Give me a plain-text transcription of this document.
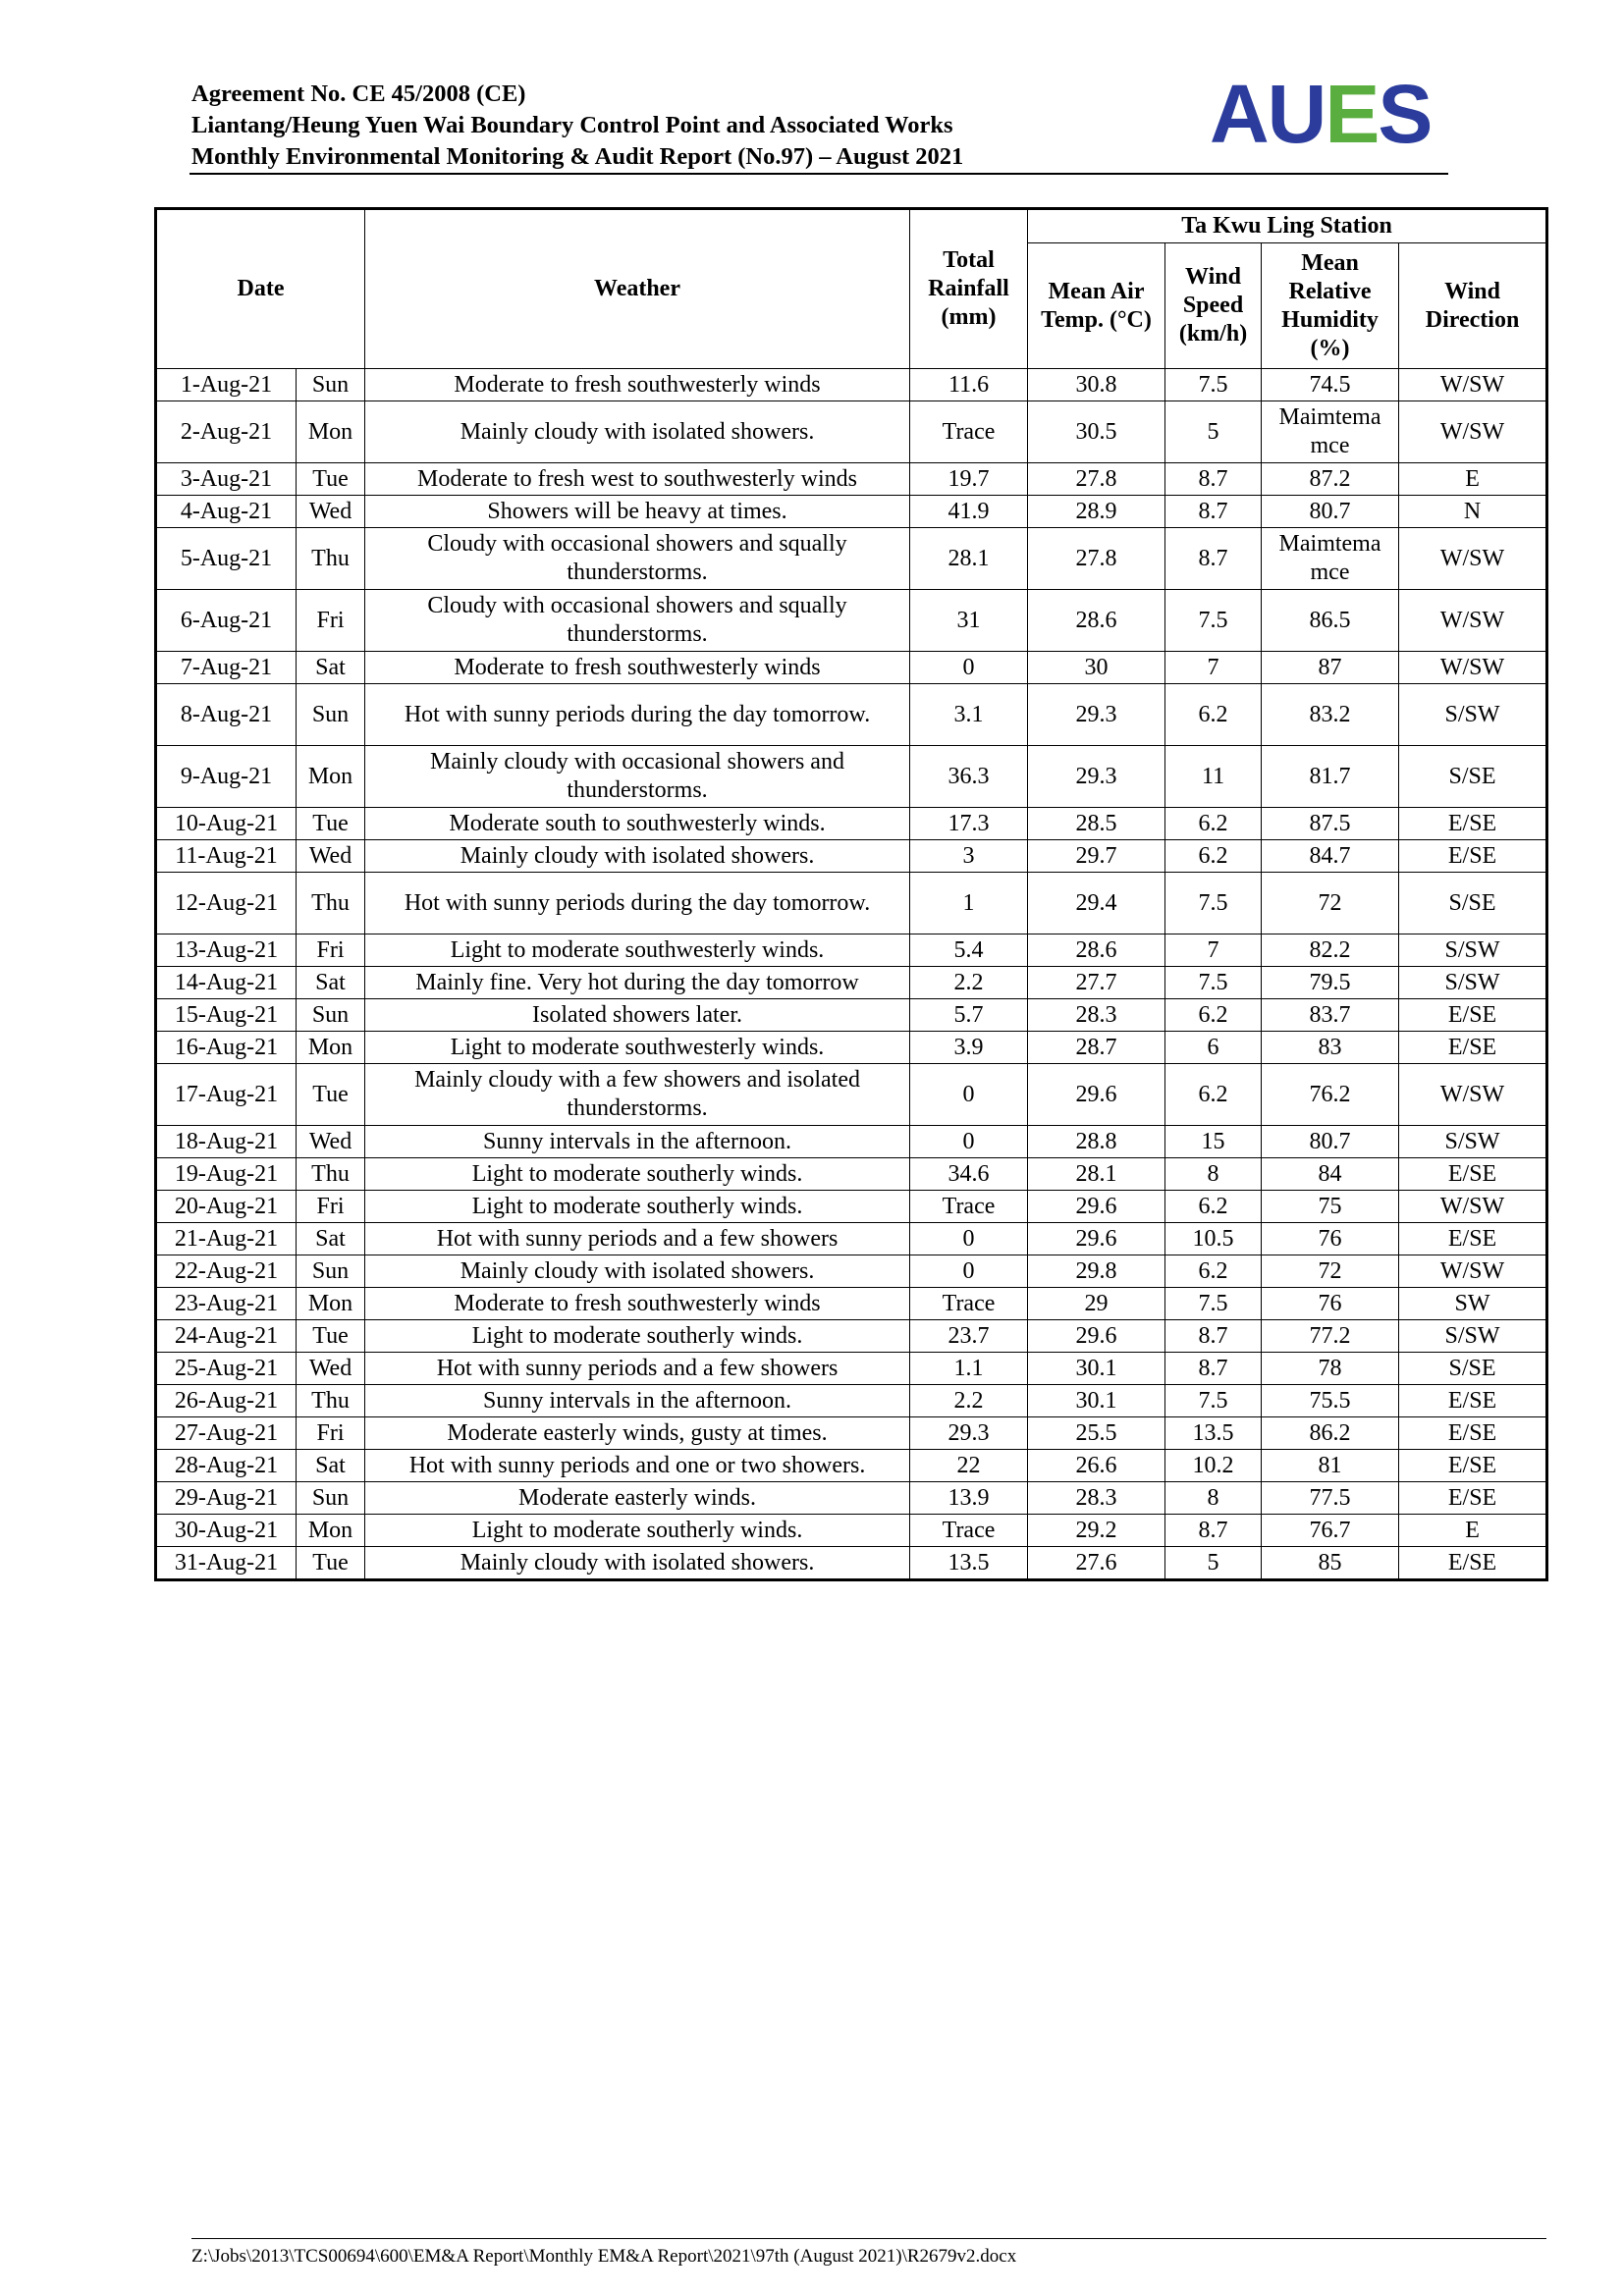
Agreement No. CE 45/2008 (CE)
Liantang/Heung Yuen Wai Boundary Control Point and Associated Works
Monthly Environmental Monitoring & Audit Report (No.97) – August 2021	AUES
Date		Weather	Total Rainfall (mm)	Ta Kwu Ling Station			
				Mean Air Temp. (°C)	Wind Speed (km/h)	Mean Relative Humidity (%)	Wind Direction
1-Aug-21	Sun	Moderate to fresh southwesterly winds	11.6	30.8	7.5	74.5	W/SW
2-Aug-21	Mon	Mainly cloudy with isolated showers.	Trace	30.5	5	Maimtema mce	W/SW
3-Aug-21	Tue	Moderate to fresh west to southwesterly winds	19.7	27.8	8.7	87.2	E
4-Aug-21	Wed	Showers will be heavy at times.	41.9	28.9	8.7	80.7	N
5-Aug-21	Thu	Cloudy with occasional showers and squally thunderstorms.	28.1	27.8	8.7	Maimtema mce	W/SW
6-Aug-21	Fri	Cloudy with occasional showers and squally thunderstorms.	31	28.6	7.5	86.5	W/SW
7-Aug-21	Sat	Moderate to fresh southwesterly winds	0	30	7	87	W/SW
8-Aug-21	Sun	Hot with sunny periods during the day tomorrow.	3.1	29.3	6.2	83.2	S/SW
9-Aug-21	Mon	Mainly cloudy with occasional showers and thunderstorms.	36.3	29.3	11	81.7	S/SE
10-Aug-21	Tue	Moderate south to southwesterly winds.	17.3	28.5	6.2	87.5	E/SE
11-Aug-21	Wed	Mainly cloudy with isolated showers.	3	29.7	6.2	84.7	E/SE
12-Aug-21	Thu	Hot with sunny periods during the day tomorrow.	1	29.4	7.5	72	S/SE
13-Aug-21	Fri	Light to moderate southwesterly winds.	5.4	28.6	7	82.2	S/SW
14-Aug-21	Sat	Mainly fine. Very hot during the day tomorrow	2.2	27.7	7.5	79.5	S/SW
15-Aug-21	Sun	Isolated showers later.	5.7	28.3	6.2	83.7	E/SE
16-Aug-21	Mon	Light to moderate southwesterly winds.	3.9	28.7	6	83	E/SE
17-Aug-21	Tue	Mainly cloudy with a few showers and isolated thunderstorms.	0	29.6	6.2	76.2	W/SW
18-Aug-21	Wed	Sunny intervals in the afternoon.	0	28.8	15	80.7	S/SW
19-Aug-21	Thu	Light to moderate southerly winds.	34.6	28.1	8	84	E/SE
20-Aug-21	Fri	Light to moderate southerly winds.	Trace	29.6	6.2	75	W/SW
21-Aug-21	Sat	Hot with sunny periods and a few showers	0	29.6	10.5	76	E/SE
22-Aug-21	Sun	Mainly cloudy with isolated showers.	0	29.8	6.2	72	W/SW
23-Aug-21	Mon	Moderate to fresh southwesterly winds	Trace	29	7.5	76	SW
24-Aug-21	Tue	Light to moderate southerly winds.	23.7	29.6	8.7	77.2	S/SW
25-Aug-21	Wed	Hot with sunny periods and a few showers	1.1	30.1	8.7	78	S/SE
26-Aug-21	Thu	Sunny intervals in the afternoon.	2.2	30.1	7.5	75.5	E/SE
27-Aug-21	Fri	Moderate easterly winds, gusty at times.	29.3	25.5	13.5	86.2	E/SE
28-Aug-21	Sat	Hot with sunny periods and one or two showers.	22	26.6	10.2	81	E/SE
29-Aug-21	Sun	Moderate easterly winds.	13.9	28.3	8	77.5	E/SE
30-Aug-21	Mon	Light to moderate southerly winds.	Trace	29.2	8.7	76.7	E
31-Aug-21	Tue	Mainly cloudy with isolated showers.	13.5	27.6	5	85	E/SE
Z:\Jobs\2013\TCS00694\600\EM&A Report\Monthly EM&A Report\2021\97th (August 2021)\R2679v2.docx
